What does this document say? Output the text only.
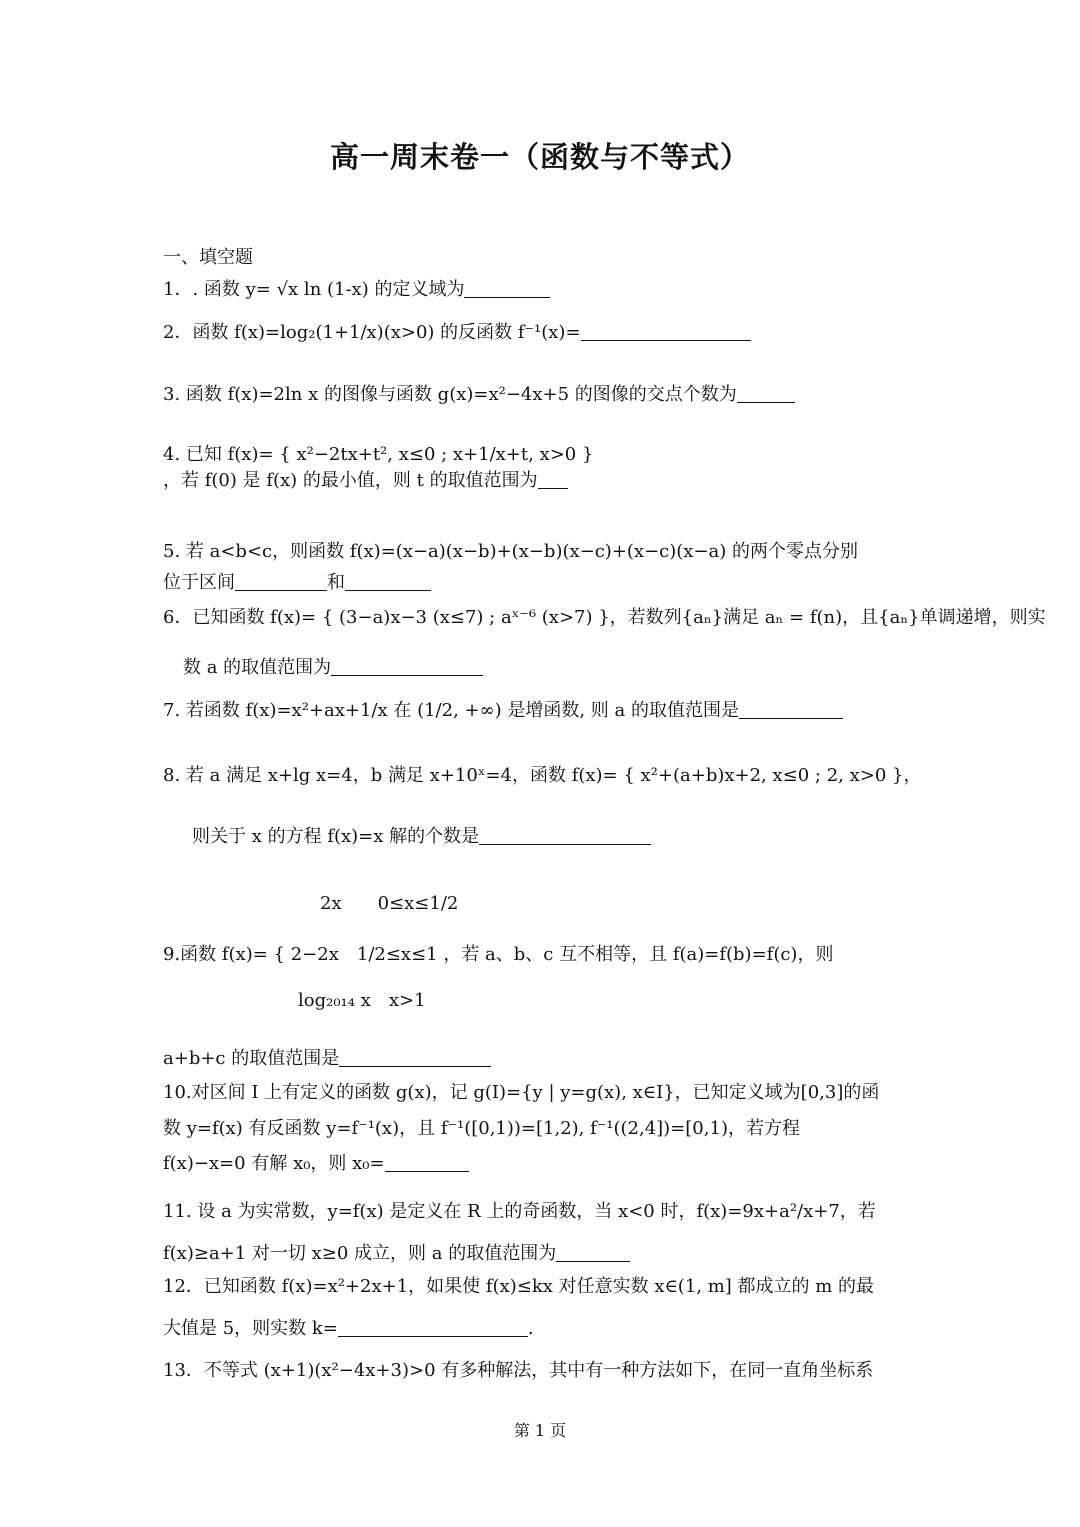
高一周末卷一（函数与不等式）
一、填空题
1．. 函数 y= √x ln (1-x) 的定义域为
2．函数 f(x)=log₂(1+1/x)(x>0) 的反函数 f⁻¹(x)=
3. 函数 f(x)=2ln x 的图像与函数 g(x)=x²−4x+5 的图像的交点个数为
4. 已知 f(x)= { x²−2tx+t², x≤0 ; x+1/x+t, x>0 }
，若 f(0) 是 f(x) 的最小值，则 t 的取值范围为
5. 若 a<b<c，则函数 f(x)=(x−a)(x−b)+(x−b)(x−c)+(x−c)(x−a) 的两个零点分别
位于区间	和
6．已知函数 f(x)= { (3−a)x−3 (x≤7) ; aˣ⁻⁶ (x>7) }，若数列{aₙ}满足 aₙ = f(n)，且{aₙ}单调递增，则实
数 a 的取值范围为
7. 若函数 f(x)=x²+ax+1/x 在 (1/2, +∞) 是增函数, 则 a 的取值范围是
8. 若 a 满足 x+lg x=4，b 满足 x+10ˣ=4，函数 f(x)= { x²+(a+b)x+2, x≤0 ; 2, x>0 }，
则关于 x 的方程 f(x)=x 解的个数是
2x　　0≤x≤1/2
9.函数 f(x)= { 2−2x　1/2≤x≤1 ，若 a、b、c 互不相等，且 f(a)=f(b)=f(c)，则
log₂₀₁₄ x　x>1
a+b+c 的取值范围是
10.对区间 I 上有定义的函数 g(x)，记 g(I)={y | y=g(x), x∈I}，已知定义域为[0,3]的函
数 y=f(x) 有反函数 y=f⁻¹(x)，且 f⁻¹([0,1))=[1,2), f⁻¹((2,4])=[0,1)，若方程
f(x)−x=0 有解 x₀，则 x₀=
11. 设 a 为实常数，y=f(x) 是定义在 R 上的奇函数，当 x<0 时，f(x)=9x+a²/x+7，若
f(x)≥a+1 对一切 x≥0 成立，则 a 的取值范围为
12．已知函数 f(x)=x²+2x+1，如果使 f(x)≤kx 对任意实数 x∈(1, m] 都成立的 m 的最
大值是 5，则实数 k=	.
13．不等式 (x+1)(x²−4x+3)>0 有多种解法，其中有一种方法如下，在同一直角坐标系
第 1 页
